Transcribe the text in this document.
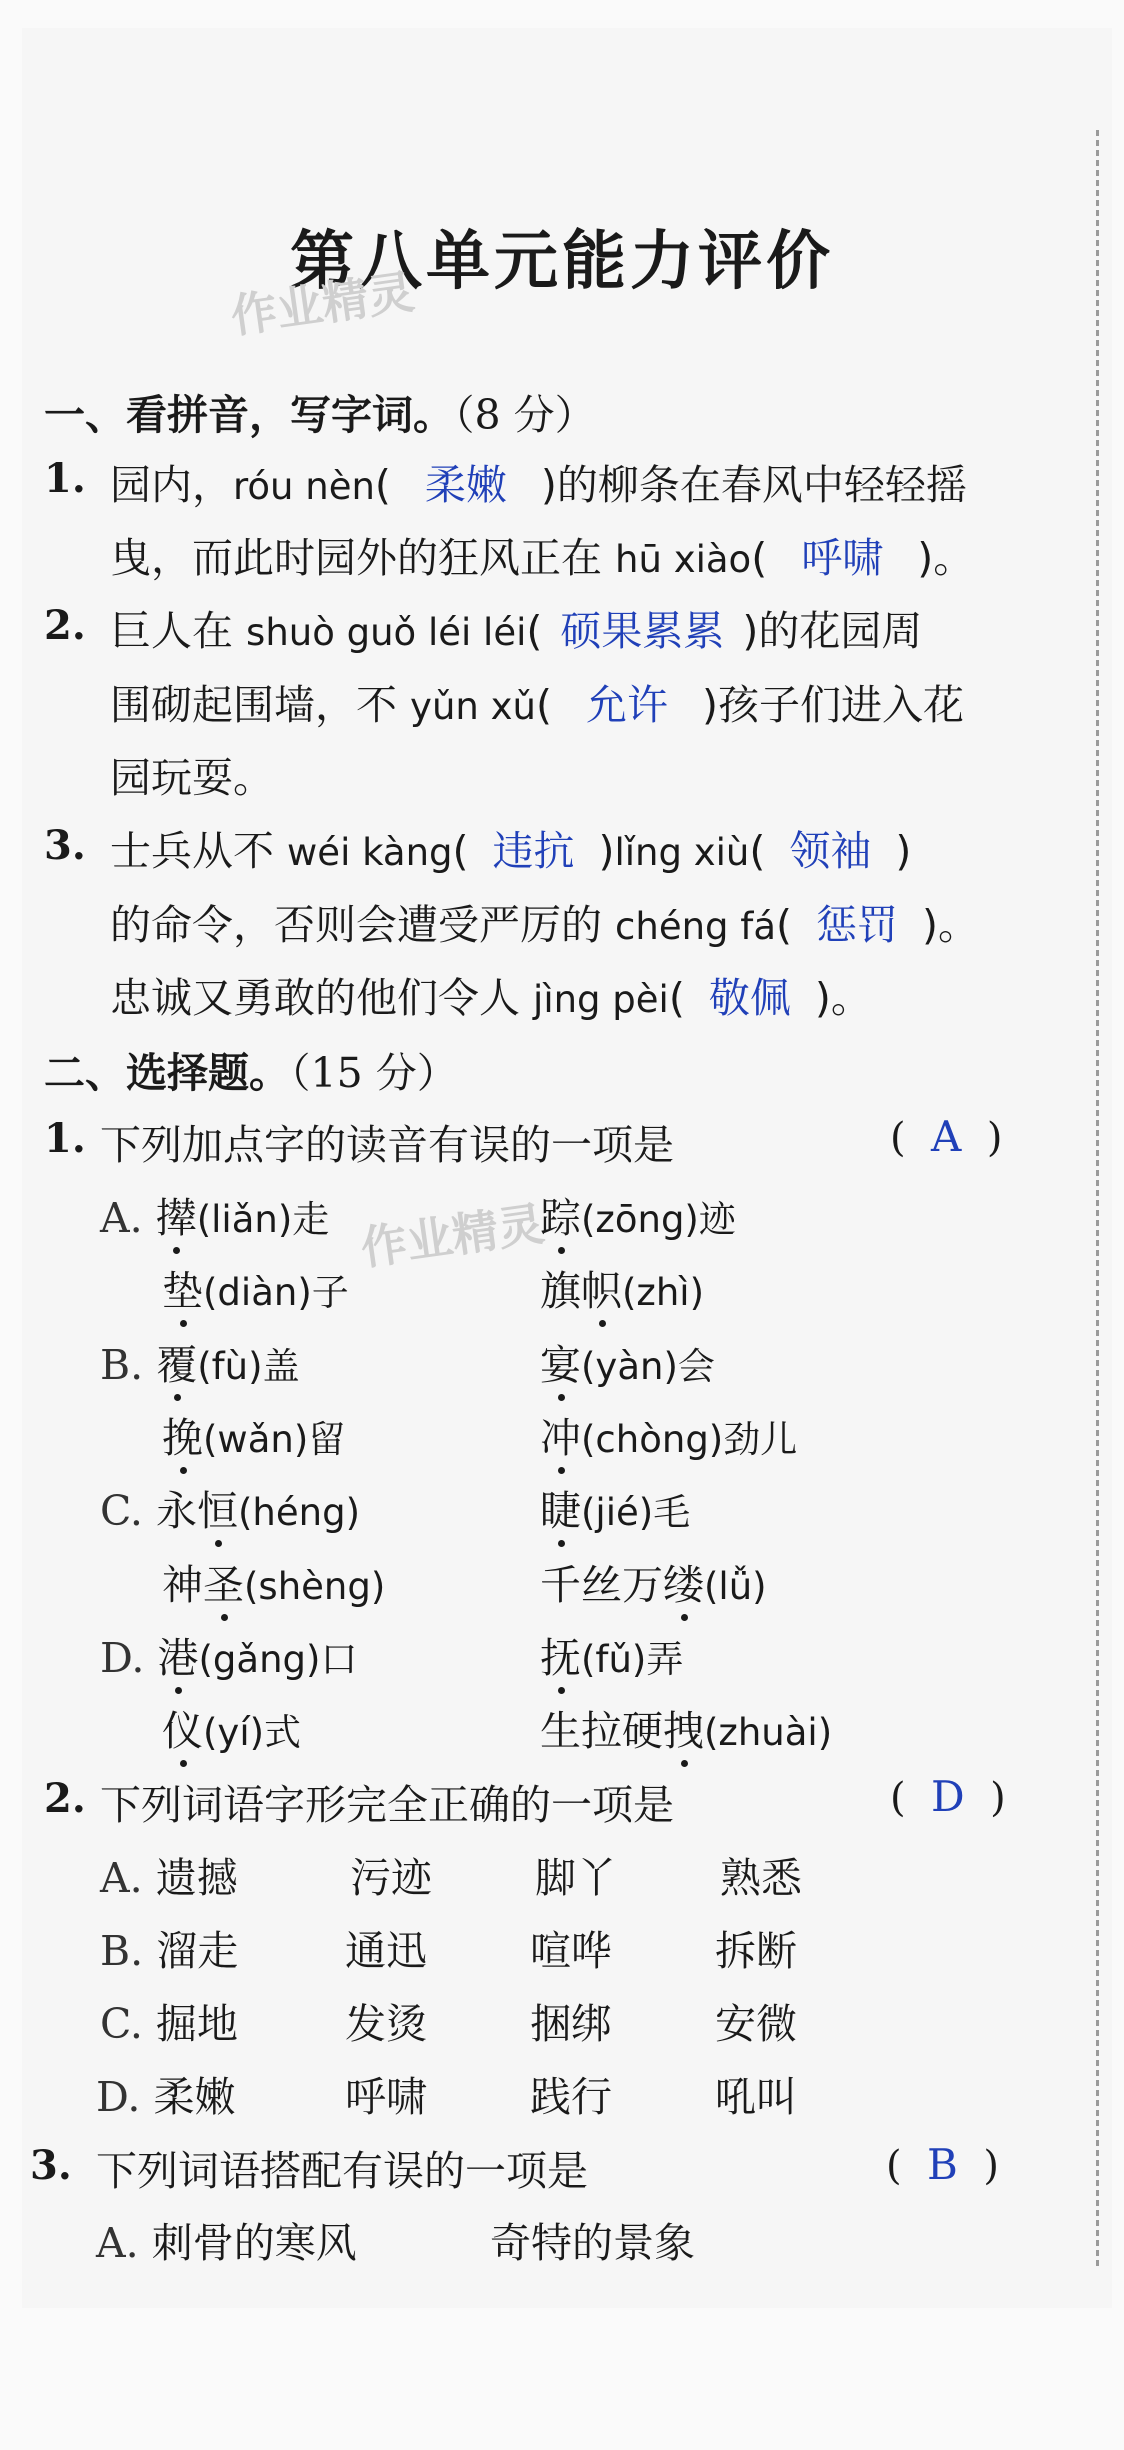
第八单元能力评价
作业精灵
作业精灵
一、看拼音，写字词。（8 分）
1. 园内，róu nèn( 柔嫩 )的柳条在春风中轻轻摇
曳，而此时园外的狂风正在 hū xiào( 呼啸 )。
2. 巨人在 shuò guǒ léi léi( 硕果累累 )的花园周
围砌起围墙，不 yǔn xǔ( 允许 )孩子们进入花
园玩耍。
3. 士兵从不 wéi kàng( 违抗 )lǐng xiù( 领袖 )
的命令，否则会遭受严厉的 chéng fá( 惩罚 )。
忠诚又勇敢的他们令人 jìng pèi( 敬佩 )。
二、选择题。（15 分）
1. 下列加点字的读音有误的一项是	(  A  )
A. 撵(liǎn)走	踪(zōng)迹
垫(diàn)子	旗帜(zhì)
B. 覆(fù)盖	宴(yàn)会
挽(wǎn)留	冲(chòng)劲儿
C. 永恒(héng)	睫(jié)毛
神圣(shèng)	千丝万缕(lǚ)
D. 港(gǎng)口	抚(fǔ)弄
仪(yí)式	生拉硬拽(zhuài)
2. 下列词语字形完全正确的一项是	(  D  )
A. 遗撼	污迹	脚丫	熟悉
B. 溜走	通迅	喧哗	拆断
C. 掘地	发烫	捆绑	安微
D. 柔嫩	呼啸	践行	吼叫
3. 下列词语搭配有误的一项是	(  B  )
A. 刺骨的寒风	奇特的景象
